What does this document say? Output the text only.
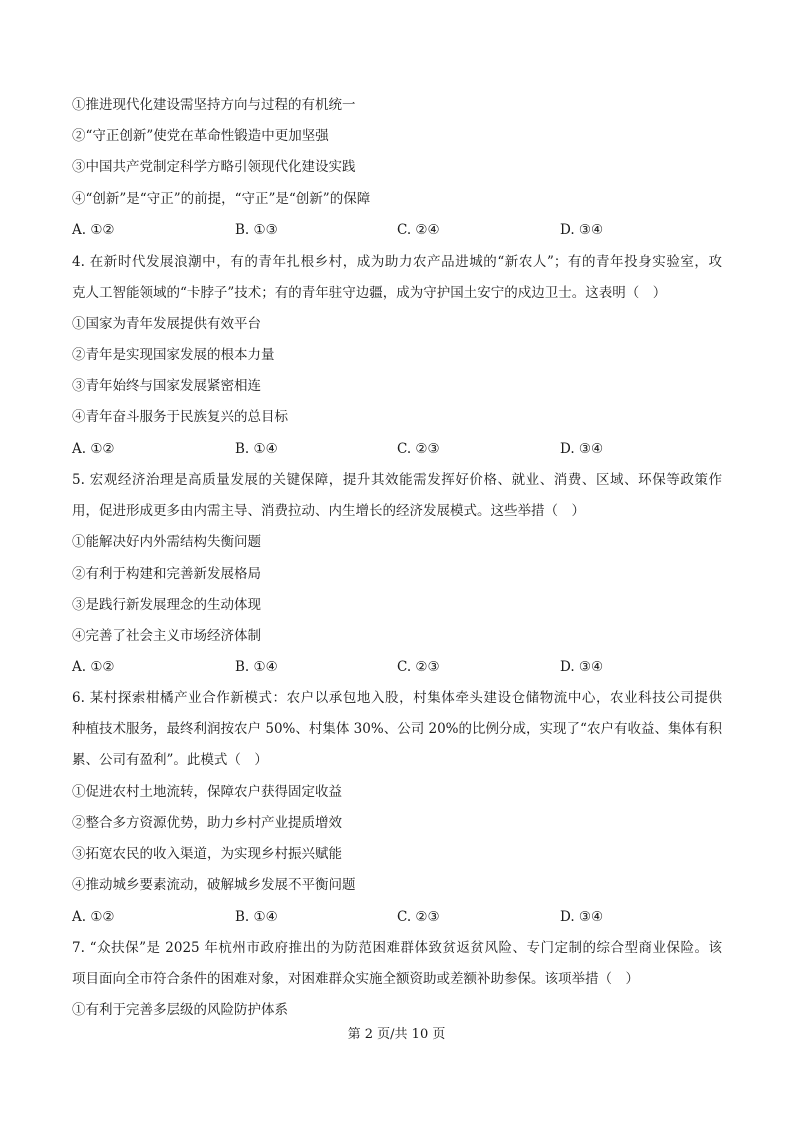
①推进现代化建设需坚持方向与过程的有机统一
②“守正创新”使党在革命性锻造中更加坚强
③中国共产党制定科学方略引领现代化建设实践
④“创新”是“守正”的前提，“守正”是“创新”的保障
A. ①②	B. ①③	C. ②④	D. ③④
4. 在新时代发展浪潮中，有的青年扎根乡村，成为助力农产品进城的“新农人”；有的青年投身实验室，攻
克人工智能领域的“卡脖子”技术；有的青年驻守边疆，成为守护国土安宁的戍边卫士。这表明（　）
①国家为青年发展提供有效平台
②青年是实现国家发展的根本力量
③青年始终与国家发展紧密相连
④青年奋斗服务于民族复兴的总目标
A. ①②	B. ①④	C. ②③	D. ③④
5. 宏观经济治理是高质量发展的关键保障，提升其效能需发挥好价格、就业、消费、区域、环保等政策作
用，促进形成更多由内需主导、消费拉动、内生增长的经济发展模式。这些举措（　）
①能解决好内外需结构失衡问题
②有利于构建和完善新发展格局
③是践行新发展理念的生动体现
④完善了社会主义市场经济体制
A. ①②	B. ①④	C. ②③	D. ③④
6. 某村探索柑橘产业合作新模式：农户以承包地入股，村集体牵头建设仓储物流中心，农业科技公司提供
种植技术服务，最终利润按农户 50%、村集体 30%、公司 20%的比例分成，实现了“农户有收益、集体有积
累、公司有盈利”。此模式（　）
①促进农村土地流转，保障农户获得固定收益
②整合多方资源优势，助力乡村产业提质增效
③拓宽农民的收入渠道，为实现乡村振兴赋能
④推动城乡要素流动，破解城乡发展不平衡问题
A. ①②	B. ①④	C. ②③	D. ③④
7. “众扶保”是 2025 年杭州市政府推出的为防范困难群体致贫返贫风险、专门定制的综合型商业保险。该
项目面向全市符合条件的困难对象，对困难群众实施全额资助或差额补助参保。该项举措（　）
①有利于完善多层级的风险防护体系
第 2 页/共 10 页
